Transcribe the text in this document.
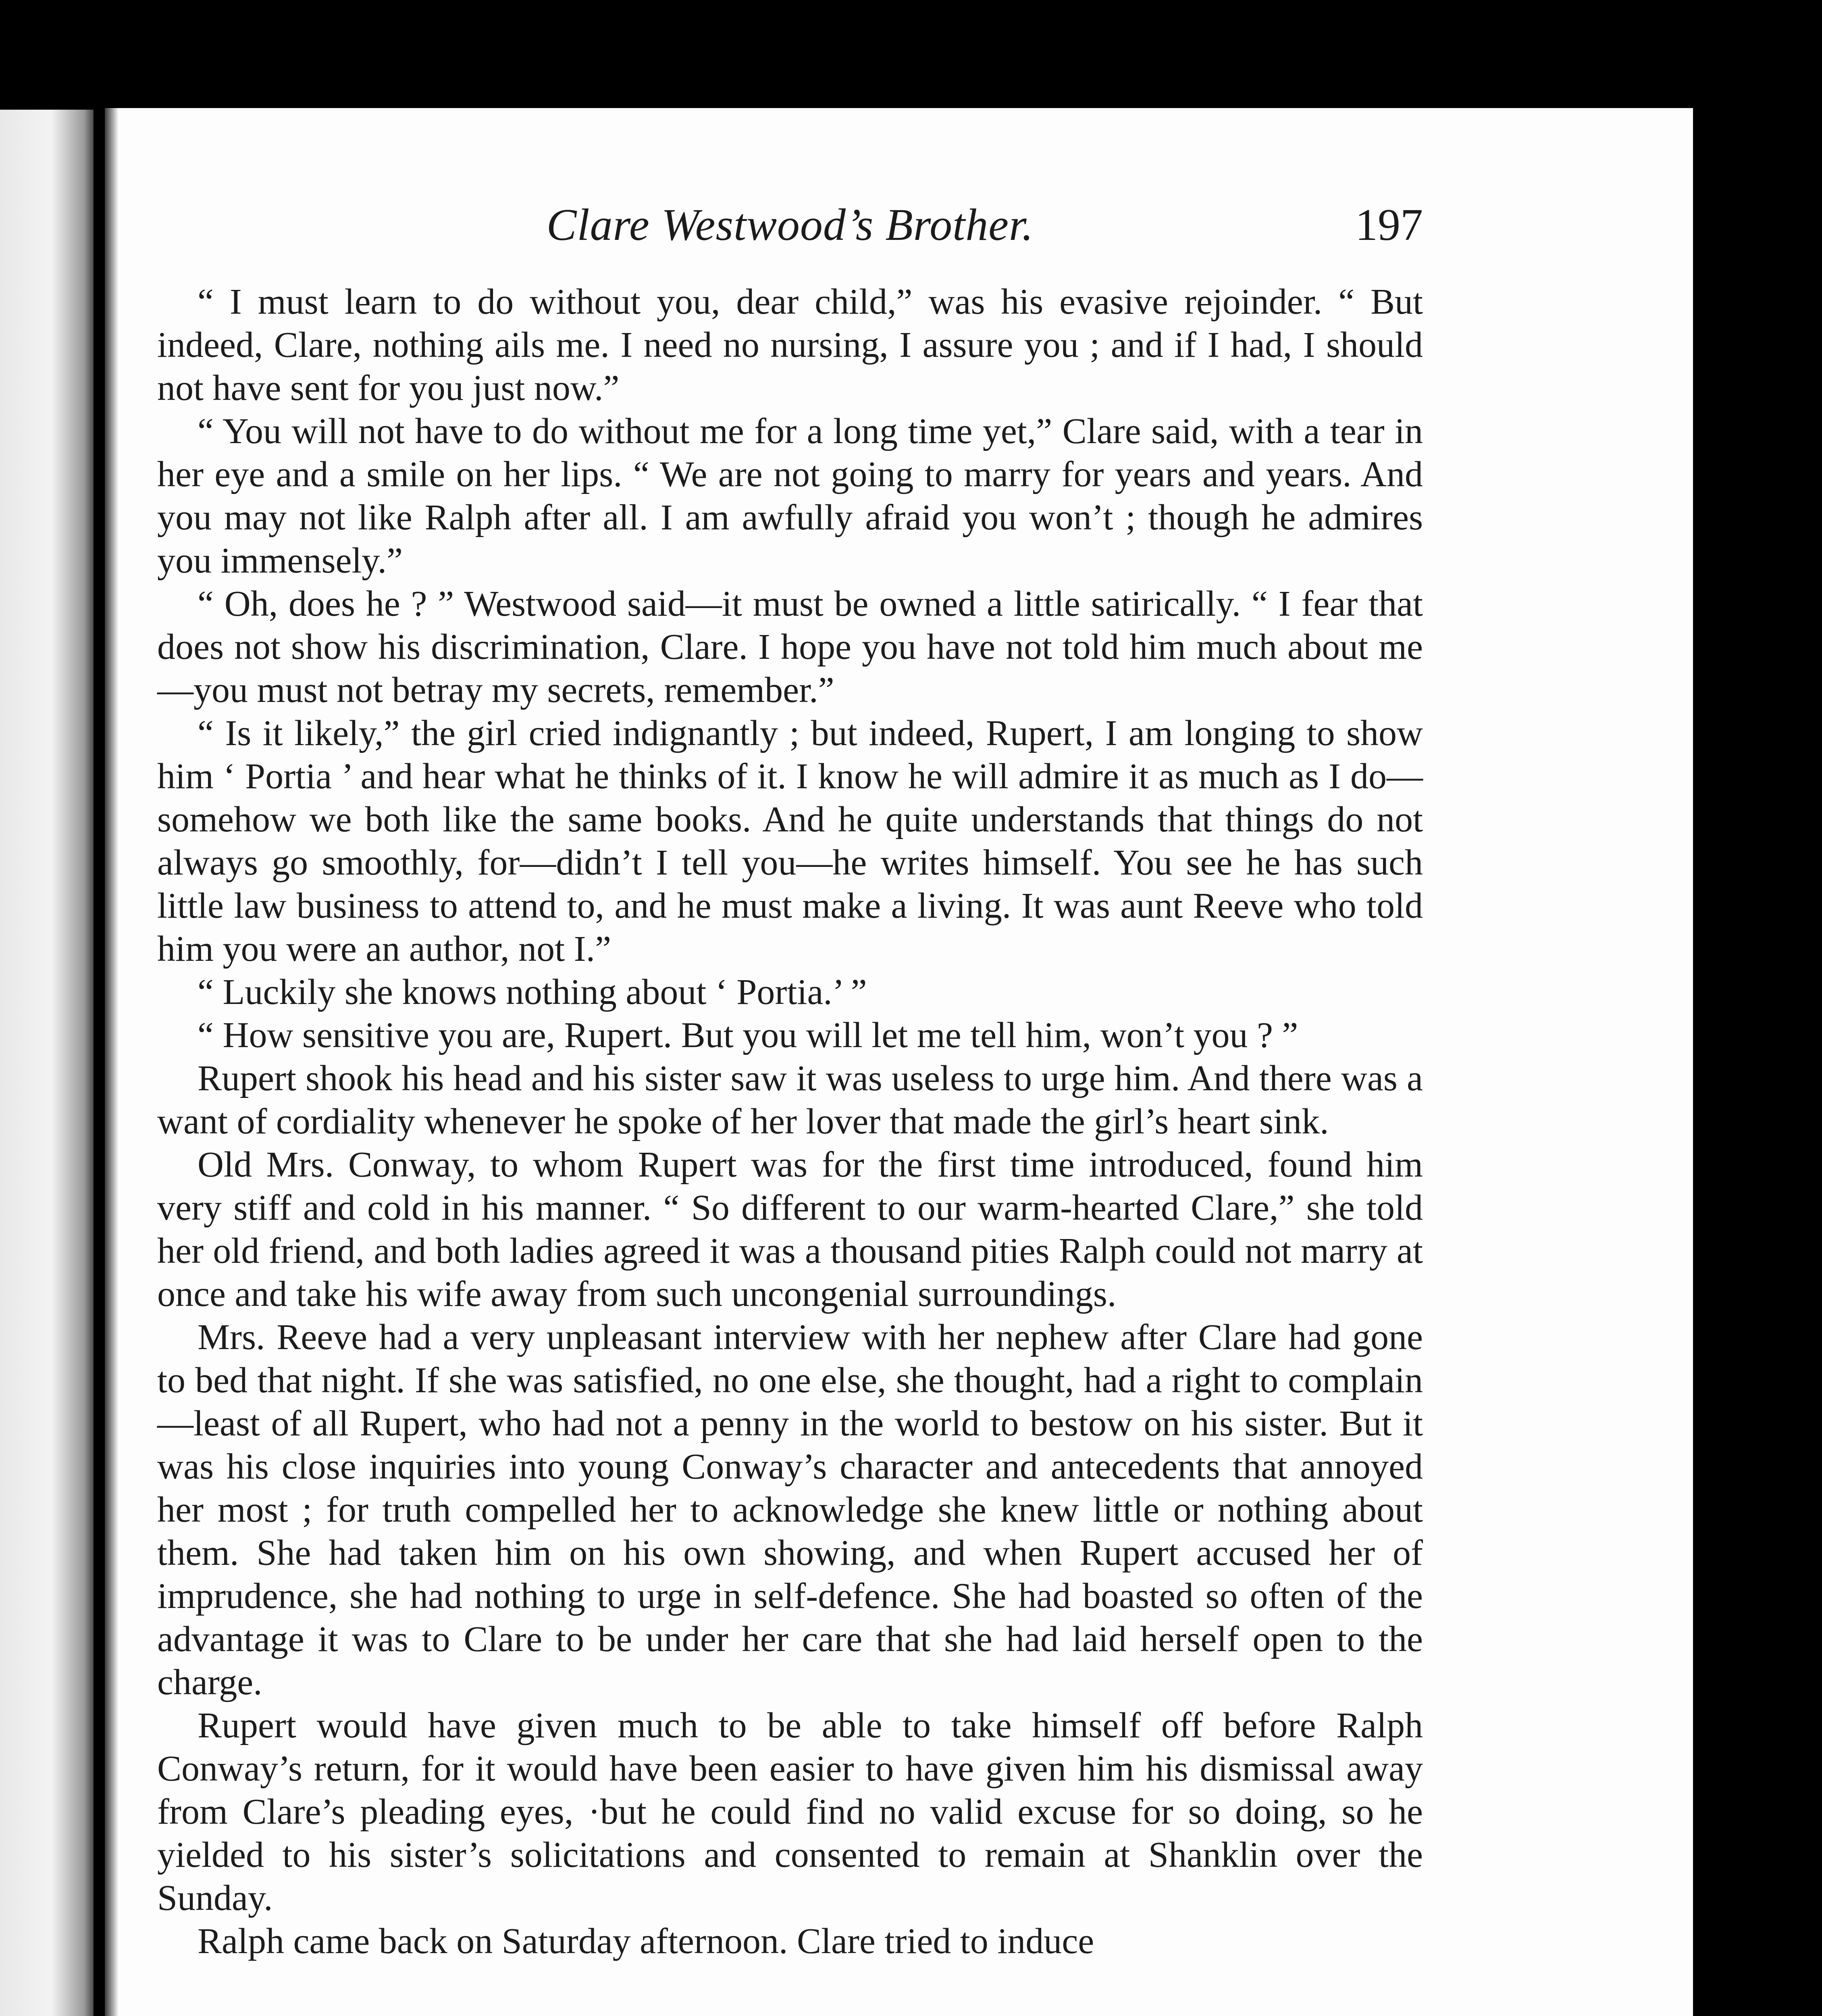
Clare Westwood’s Brother.	197

“ I must learn to do without you, dear child,” was his evasive rejoinder. “ But indeed, Clare, nothing ails me. I need no nursing, I assure you ; and if I had, I should not have sent for you just now.”

“ You will not have to do without me for a long time yet,” Clare said, with a tear in her eye and a smile on her lips. “ We are not going to marry for years and years. And you may not like Ralph after all. I am awfully afraid you won’t ; though he admires you immensely.”

“ Oh, does he ? ” Westwood said—it must be owned a little satirically. “ I fear that does not show his discrimination, Clare. I hope you have not told him much about me—you must not betray my secrets, remember.”

“ Is it likely,” the girl cried indignantly ; but indeed, Rupert, I am longing to show him ‘ Portia ’ and hear what he thinks of it. I know he will admire it as much as I do—somehow we both like the same books. And he quite understands that things do not always go smoothly, for—didn’t I tell you—he writes himself. You see he has such little law business to attend to, and he must make a living. It was aunt Reeve who told him you were an author, not I.”

“ Luckily she knows nothing about ‘ Portia.’ ”

“ How sensitive you are, Rupert. But you will let me tell him, won’t you ? ”

Rupert shook his head and his sister saw it was useless to urge him. And there was a want of cordiality whenever he spoke of her lover that made the girl’s heart sink.

Old Mrs. Conway, to whom Rupert was for the first time introduced, found him very stiff and cold in his manner. “ So different to our warm-hearted Clare,” she told her old friend, and both ladies agreed it was a thousand pities Ralph could not marry at once and take his wife away from such uncongenial surroundings.

Mrs. Reeve had a very unpleasant interview with her nephew after Clare had gone to bed that night. If she was satisfied, no one else, she thought, had a right to complain—least of all Rupert, who had not a penny in the world to bestow on his sister. But it was his close inquiries into young Conway’s character and antecedents that annoyed her most ; for truth compelled her to acknowledge she knew little or nothing about them. She had taken him on his own showing, and when Rupert accused her of imprudence, she had nothing to urge in self-defence. She had boasted so often of the advantage it was to Clare to be under her care that she had laid herself open to the charge.

Rupert would have given much to be able to take himself off before Ralph Conway’s return, for it would have been easier to have given him his dismissal away from Clare’s pleading eyes, ·but he could find no valid excuse for so doing, so he yielded to his sister’s solicitations and consented to remain at Shanklin over the Sunday.

Ralph came back on Saturday afternoon. Clare tried to induce
